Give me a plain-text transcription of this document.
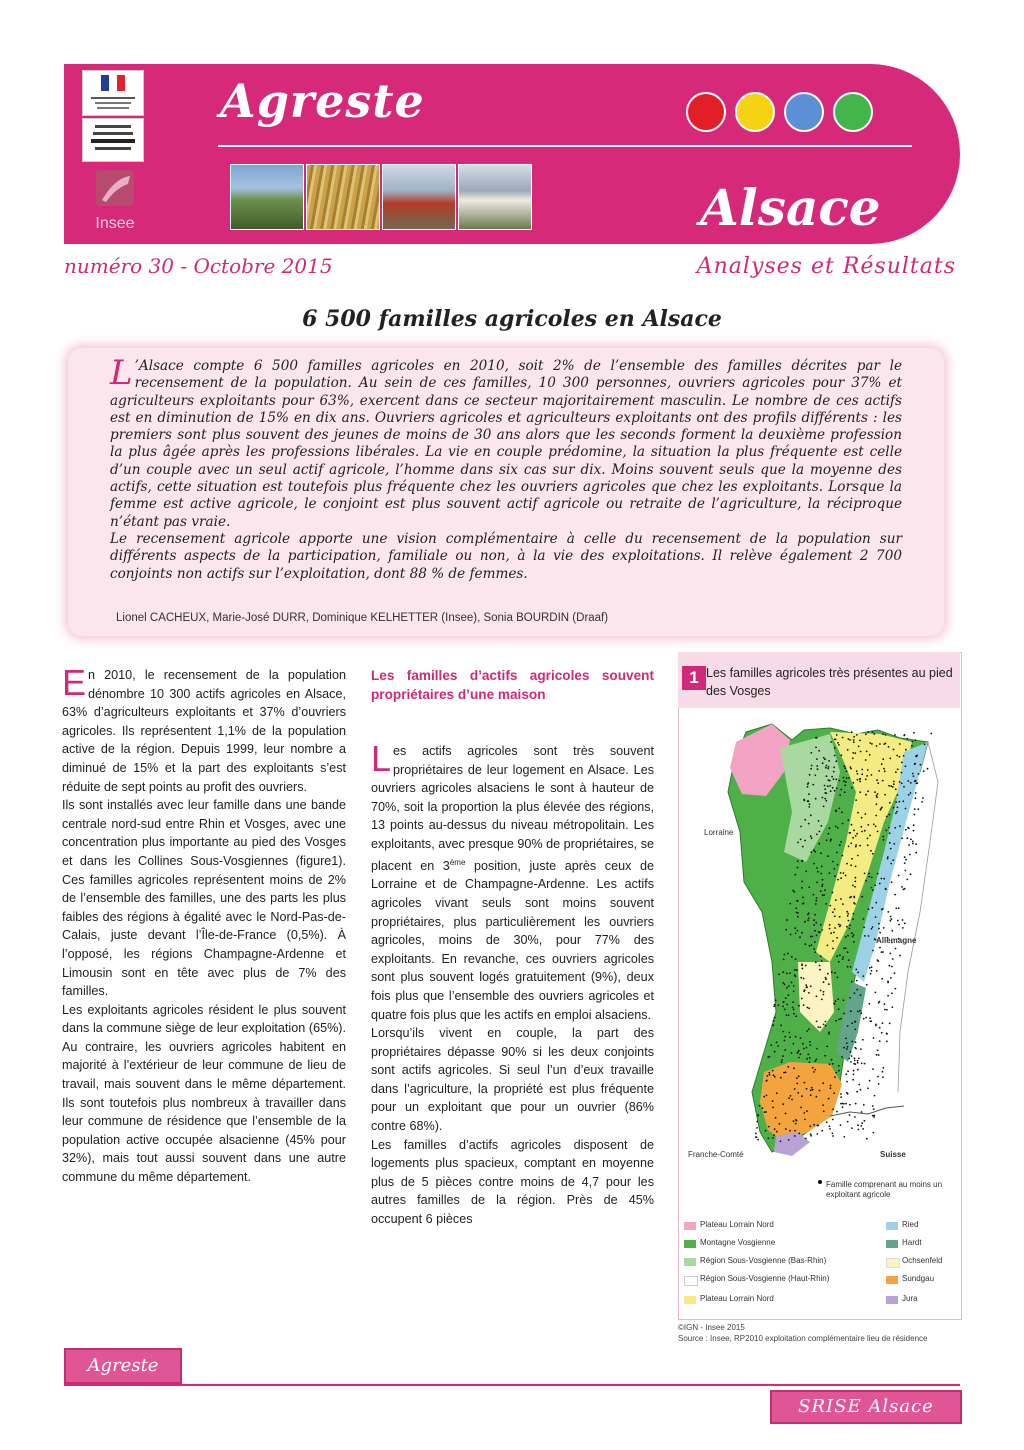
Insee
Agreste
Alsace
numéro 30 - Octobre 2015	Analyses et Résultats
6 500 familles agricoles en Alsace

L ’Alsace compte 6 500 familles agricoles en 2010, soit 2% de l’ensemble des familles décrites par le recensement de la population. Au sein de ces familles, 10 300 personnes, ouvriers agricoles pour 37% et agriculteurs exploitants pour 63%, exercent dans ce secteur majoritairement masculin. Le nombre de ces actifs est en diminution de 15% en dix ans. Ouvriers agricoles et agriculteurs exploitants ont des profils différents : les premiers sont plus souvent des jeunes de moins de 30 ans alors que les seconds forment la deuxième profession la plus âgée après les professions libérales. La vie en couple prédomine, la situation la plus fréquente est celle d’un couple avec un seul actif agricole, l’homme dans six cas sur dix. Moins souvent seuls que la moyenne des actifs, cette situation est toutefois plus fréquente chez les ouvriers agricoles que chez les exploitants. Lorsque la femme est active agricole, le conjoint est plus souvent actif agricole ou retraite de l’agriculture, la réciproque n’étant pas vraie.

Le recensement agricole apporte une vision complémentaire à celle du recensement de la population sur différents aspects de la participation, familiale ou non, à la vie des exploitations. Il relève également 2 700 conjoints non actifs sur l’exploitation, dont 88 % de femmes.

Lionel CACHEUX, Marie-José DURR, Dominique KELHETTER (Insee), Sonia BOURDIN (Draaf)

En 2010, le recensement de la population dénombre 10 300 actifs agricoles en Alsace, 63% d’agriculteurs exploitants et 37% d’ouvriers agricoles. Ils représentent 1,1% de la population active de la région. Depuis 1999, leur nombre a diminué de 15% et la part des exploitants s’est réduite de sept points au profit des ouvriers.

Ils sont installés avec leur famille dans une bande centrale nord-sud entre Rhin et Vosges, avec une concentration plus importante au pied des Vosges et dans les Collines Sous-Vosgiennes (figure1). Ces familles agricoles représentent moins de 2% de l’ensemble des familles, une des parts les plus faibles des régions à égalité avec le Nord-Pas-de-Calais, juste devant l’Île-de-France (0,5%). À l’opposé, les régions Champagne-Ardenne et Limousin sont en tête avec plus de 7% des familles.

Les exploitants agricoles résident le plus souvent dans la commune siège de leur exploitation (65%). Au contraire, les ouvriers agricoles habitent en majorité à l’extérieur de leur commune de lieu de travail, mais souvent dans le même département. Ils sont toutefois plus nombreux à travailler dans leur commune de résidence que l’ensemble de la population active occupée alsacienne (45% pour 32%), mais tout aussi souvent dans une autre commune du même département.

Les familles d’actifs agricoles souvent propriétaires d’une maison

Les actifs agricoles sont très souvent propriétaires de leur logement en Alsace. Les ouvriers agricoles alsaciens le sont à hauteur de 70%, soit la proportion la plus élevée des régions, 13 points au-dessus du niveau métropolitain. Les exploitants, avec presque 90% de propriétaires, se placent en 3ème position, juste après ceux de Lorraine et de Champagne-Ardenne. Les actifs agricoles vivant seuls sont moins souvent propriétaires, plus particulièrement les ouvriers agricoles, moins de 30%, pour 77% des exploitants. En revanche, ces ouvriers agricoles sont plus souvent logés gratuitement (9%), deux fois plus que l’ensemble des ouvriers agricoles et quatre fois plus que les actifs en emploi alsaciens.

Lorsqu’ils vivent en couple, la part des propriétaires dépasse 90% si les deux conjoints sont actifs agricoles. Si seul l’un d’eux travaille dans l’agriculture, la propriété est plus fréquente pour un exploitant que pour un ouvrier (86% contre 68%).

Les familles d’actifs agricoles disposent de logements plus spacieux, comptant en moyenne plus de 5 pièces contre moins de 4,7 pour les autres familles de la région. Près de 45% occupent 6 pièces

1 Les familles agricoles très présentes au pied des Vosges
Lorraine
Allemagne
Franche-Comté	Suisse
Famille comprenant au moins un exploitant agricole
Plateau Lorrain Nord
Montagne Vosgienne
Région Sous-Vosgienne (Bas-Rhin)
Région Sous-Vosgienne (Haut-Rhin)
Plateau Lorrain Nord
Ried
Hardt
Ochsenfeld
Sundgau
Jura
©IGN - Insee 2015
Source : Insee, RP2010 exploitation complémentaire lieu de résidence
Agreste
SRISE Alsace
